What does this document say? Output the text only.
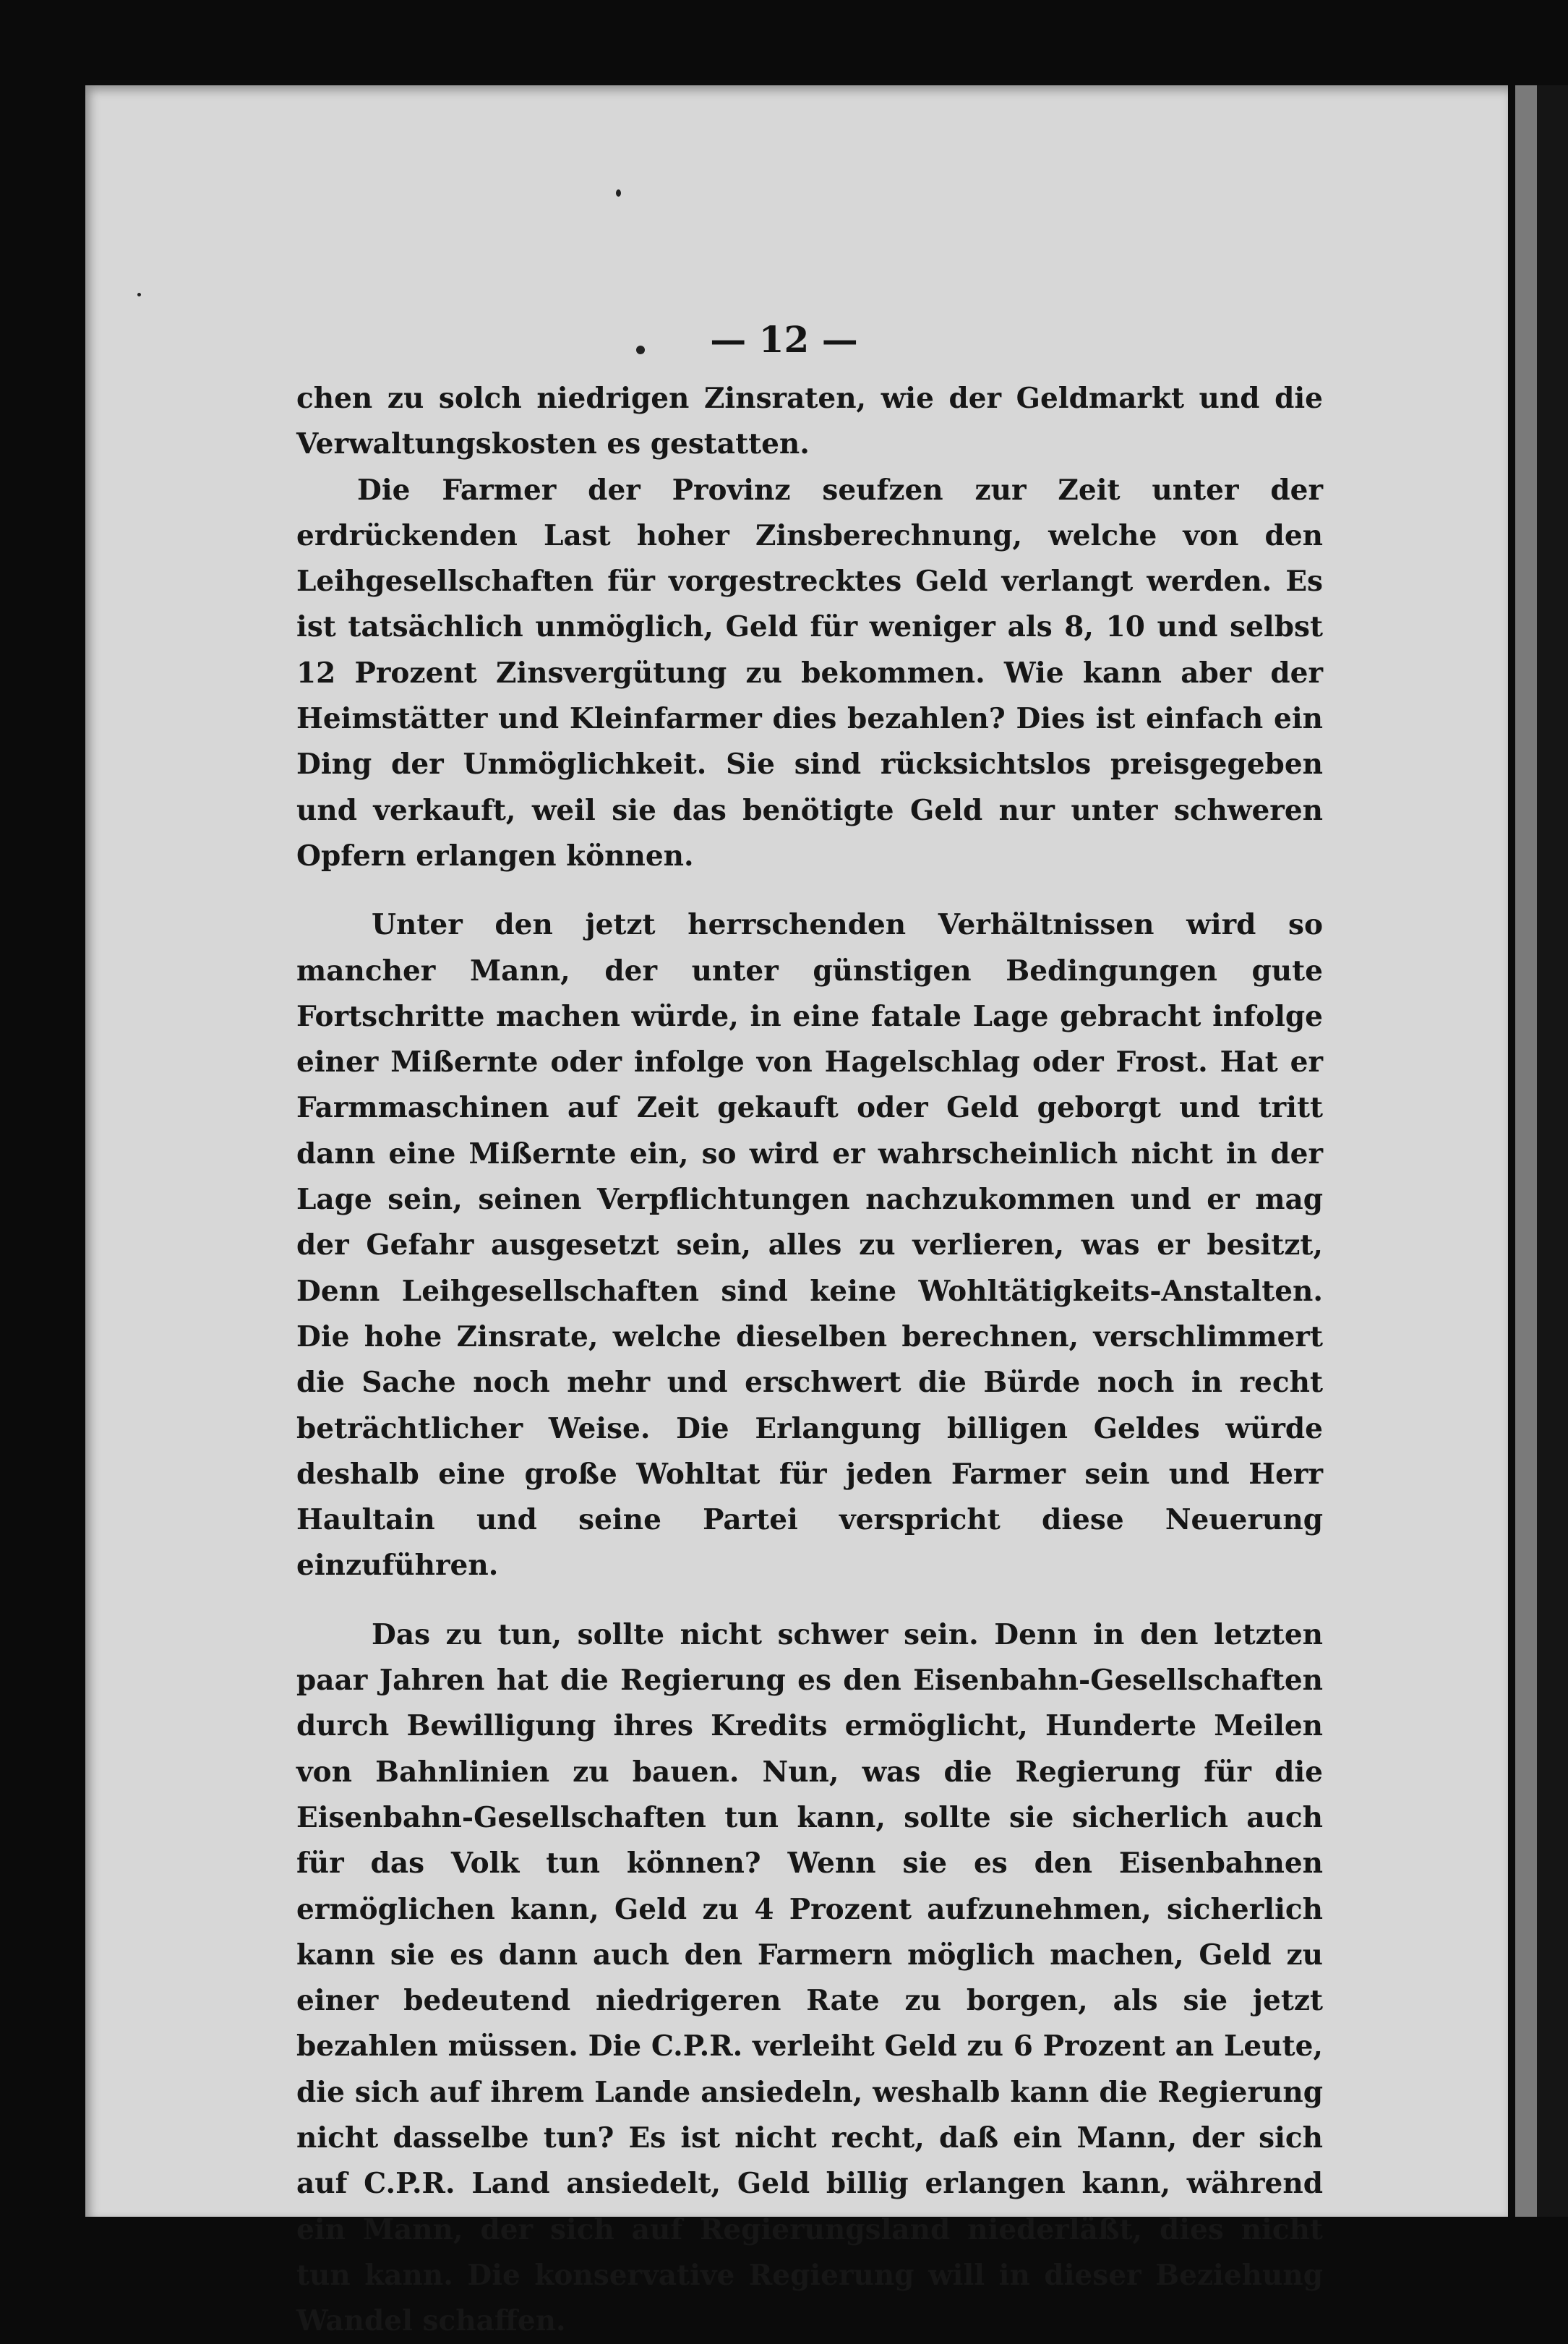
— 12 —

chen zu solch niedrigen Zinsraten, wie der Geldmarkt und die Verwaltungskosten es gestatten.

Die Farmer der Provinz seufzen zur Zeit unter der erdrückenden Last hoher Zinsberechnung, welche von den Leihgesellschaften für vorgestrecktes Geld verlangt werden. Es ist tatsächlich unmöglich, Geld für weniger als 8, 10 und selbst 12 Prozent Zinsvergütung zu bekommen. Wie kann aber der Heimstätter und Kleinfarmer dies bezahlen? Dies ist einfach ein Ding der Unmöglichkeit. Sie sind rücksichtslos preisgegeben und verkauft, weil sie das benötigte Geld nur unter schweren Opfern erlangen können.

Unter den jetzt herrschenden Verhältnissen wird so mancher Mann, der unter günstigen Bedingungen gute Fortschritte machen würde, in eine fatale Lage gebracht infolge einer Mißernte oder infolge von Hagelschlag oder Frost. Hat er Farmmaschinen auf Zeit gekauft oder Geld geborgt und tritt dann eine Mißernte ein, so wird er wahrscheinlich nicht in der Lage sein, seinen Verpflichtungen nachzukommen und er mag der Gefahr ausgesetzt sein, alles zu verlieren, was er besitzt, Denn Leihgesellschaften sind keine Wohltätigkeits-Anstalten. Die hohe Zinsrate, welche dieselben berechnen, verschlimmert die Sache noch mehr und erschwert die Bürde noch in recht beträchtlicher Weise. Die Erlangung billigen Geldes würde deshalb eine große Wohltat für jeden Farmer sein und Herr Haultain und seine Partei verspricht diese Neuerung einzuführen.

Das zu tun, sollte nicht schwer sein. Denn in den letzten paar Jahren hat die Regierung es den Eisenbahn-Gesellschaften durch Bewilligung ihres Kredits ermöglicht, Hunderte Meilen von Bahnlinien zu bauen. Nun, was die Regierung für die Eisenbahn-Gesellschaften tun kann, sollte sie sicherlich auch für das Volk tun können? Wenn sie es den Eisenbahnen ermöglichen kann, Geld zu 4 Prozent aufzunehmen, sicherlich kann sie es dann auch den Farmern möglich machen, Geld zu einer bedeutend niedrigeren Rate zu borgen, als sie jetzt bezahlen müssen. Die C.P.R. verleiht Geld zu 6 Prozent an Leute, die sich auf ihrem Lande ansiedeln, weshalb kann die Regierung nicht dasselbe tun? Es ist nicht recht, daß ein Mann, der sich auf C.P.R. Land ansiedelt, Geld billig erlangen kann, während ein Mann, der sich auf Regierungsland niederläßt, dies nicht tun kann. Die konservative Regierung will in dieser Beziehung Wandel schaffen.
